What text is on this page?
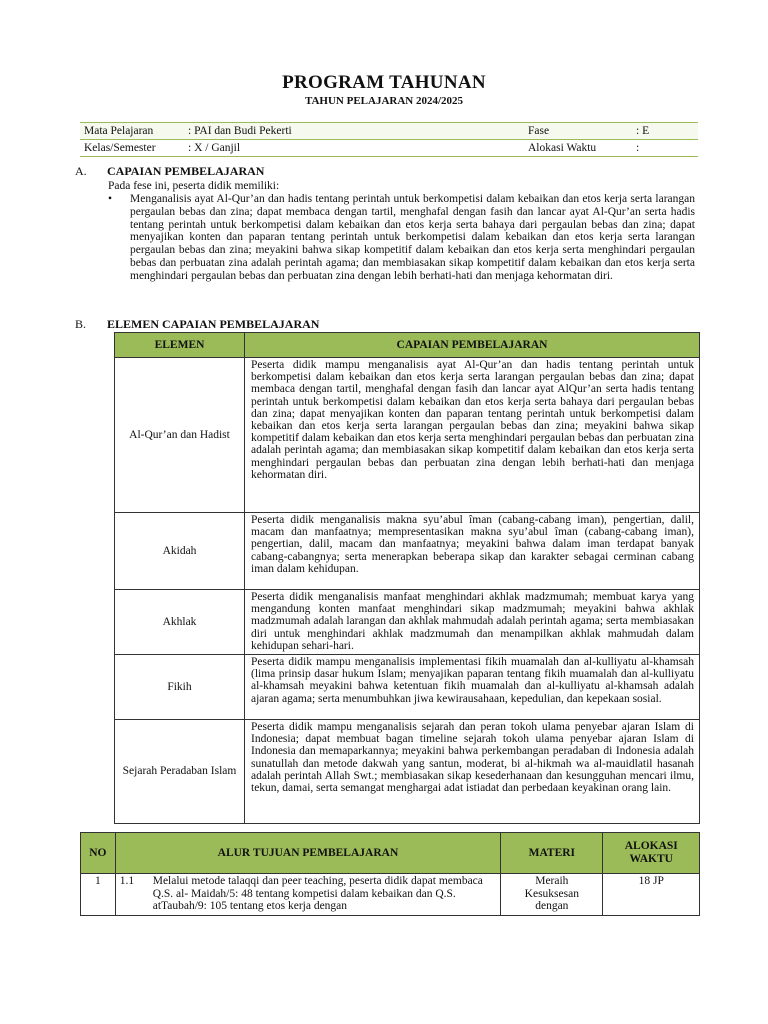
PROGRAM TAHUNAN
TAHUN PELAJARAN 2024/2025
Mata Pelajaran	: PAI dan Budi Pekerti	Fase	: E
Kelas/Semester	: X / Ganjil	Alokasi Waktu	:
A. CAPAIAN PEMBELAJARAN
Pada fese ini, peserta didik memiliki:
• Menganalisis ayat Al-Qur’an dan hadis tentang perintah untuk berkompetisi dalam kebaikan dan etos kerja serta larangan pergaulan bebas dan zina; dapat membaca dengan tartil, menghafal dengan fasih dan lancar ayat Al-Qur’an serta hadis tentang perintah untuk berkompetisi dalam kebaikan dan etos kerja serta bahaya dari pergaulan bebas dan zina; dapat menyajikan konten dan paparan tentang perintah untuk berkompetisi dalam kebaikan dan etos kerja serta larangan pergaulan bebas dan zina; meyakini bahwa sikap kompetitif dalam kebaikan dan etos kerja serta menghindari pergaulan bebas dan perbuatan zina adalah perintah agama; dan membiasakan sikap kompetitif dalam kebaikan dan etos kerja serta menghindari pergaulan bebas dan perbuatan zina dengan lebih berhati-hati dan menjaga kehormatan diri.
B. ELEMEN CAPAIAN PEMBELAJARAN
ELEMEN	CAPAIAN PEMBELAJARAN
Al-Qur’an dan Hadist	Peserta didik mampu menganalisis ayat Al-Qur’an dan hadis tentang perintah untuk berkompetisi dalam kebaikan dan etos kerja serta larangan pergaulan bebas dan zina; dapat membaca dengan tartil, menghafal dengan fasih dan lancar ayat AlQur’an serta hadis tentang perintah untuk berkompetisi dalam kebaikan dan etos kerja serta bahaya dari pergaulan bebas dan zina; dapat menyajikan konten dan paparan tentang perintah untuk berkompetisi dalam kebaikan dan etos kerja serta larangan pergaulan bebas dan zina; meyakini bahwa sikap kompetitif dalam kebaikan dan etos kerja serta menghindari pergaulan bebas dan perbuatan zina adalah perintah agama; dan membiasakan sikap kompetitif dalam kebaikan dan etos kerja serta menghindari pergaulan bebas dan perbuatan zina dengan lebih berhati-hati dan menjaga kehormatan diri.
Akidah	Peserta didik menganalisis makna syu’abul îman (cabang-cabang iman), pengertian, dalil, macam dan manfaatnya; mempresentasikan makna syu’abul îman (cabang-cabang iman), pengertian, dalil, macam dan manfaatnya; meyakini bahwa dalam iman terdapat banyak cabang-cabangnya; serta menerapkan beberapa sikap dan karakter sebagai cerminan cabang iman dalam kehidupan.
Akhlak	Peserta didik menganalisis manfaat menghindari akhlak madzmumah; membuat karya yang mengandung konten manfaat menghindari sikap madzmumah; meyakini bahwa akhlak madzmumah adalah larangan dan akhlak mahmudah adalah perintah agama; serta membiasakan diri untuk menghindari akhlak madzmumah dan menampilkan akhlak mahmudah dalam kehidupan sehari-hari.
Fikih	Peserta didik mampu menganalisis implementasi fikih muamalah dan al-kulliyatu al-khamsah (lima prinsip dasar hukum Islam; menyajikan paparan tentang fikih muamalah dan al-kulliyatu al-khamsah meyakini bahwa ketentuan fikih muamalah dan al-kulliyatu al-khamsah adalah ajaran agama; serta menumbuhkan jiwa kewirausahaan, kepedulian, dan kepekaan sosial.
Sejarah Peradaban Islam	Peserta didik mampu menganalisis sejarah dan peran tokoh ulama penyebar ajaran Islam di Indonesia; dapat membuat bagan timeline sejarah tokoh ulama penyebar ajaran Islam di Indonesia dan memaparkannya; meyakini bahwa perkembangan peradaban di Indonesia adalah sunatullah dan metode dakwah yang santun, moderat, bi al-hikmah wa al-mauidlatil hasanah adalah perintah Allah Swt.; membiasakan sikap kesederhanaan dan kesungguhan mencari ilmu, tekun, damai, serta semangat menghargai adat istiadat dan perbedaan keyakinan orang lain.
NO	ALUR TUJUAN PEMBELAJARAN	MATERI	ALOKASI WAKTU
1	1.1 Melalui metode talaqqi dan peer teaching, peserta didik dapat membaca Q.S. al- Maidah/5: 48 tentang kompetisi dalam kebaikan dan Q.S. atTaubah/9: 105 tentang etos kerja dengan	Meraih Kesuksesan dengan	18 JP
